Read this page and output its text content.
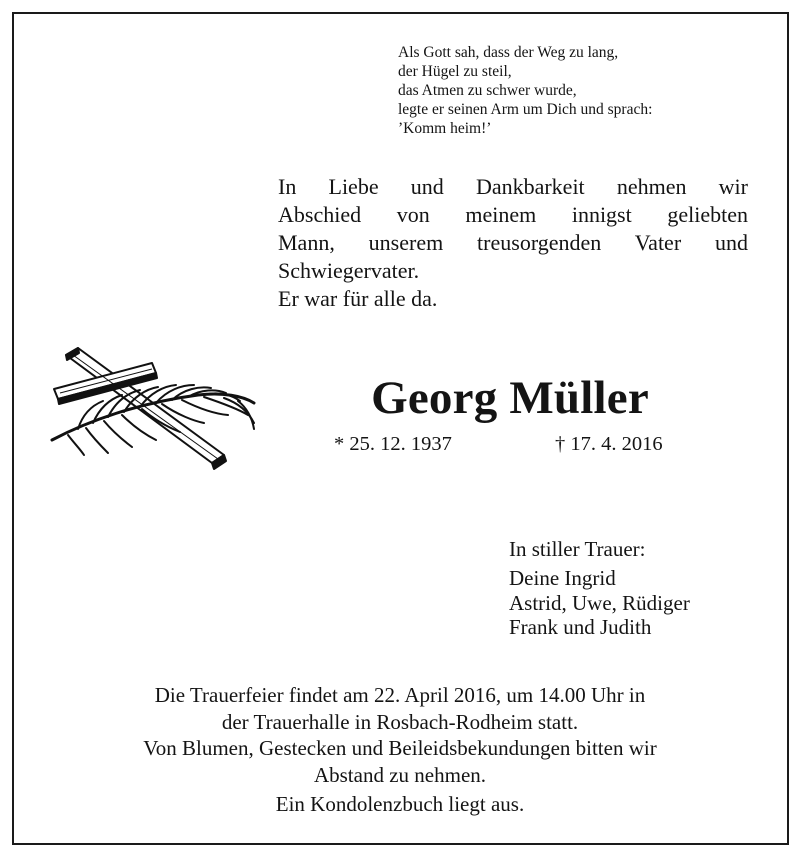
Als Gott sah, dass der Weg zu lang,
der Hügel zu steil,
das Atmen zu schwer wurde,
legte er seinen Arm um Dich und sprach:
’Komm heim!’
In Liebe und Dankbarkeit nehmen wir
Abschied von meinem innigst geliebten
Mann, unserem treusorgenden Vater und
Schwiegervater.
Er war für alle da.
Georg Müller
* 25. 12. 1937	† 17. 4. 2016
In stiller Trauer:
Deine Ingrid
Astrid, Uwe, Rüdiger
Frank und Judith
Die Trauerfeier findet am 22. April 2016, um 14.00 Uhr in
der Trauerhalle in Rosbach-Rodheim statt.
Von Blumen, Gestecken und Beileidsbekundungen bitten wir
Abstand zu nehmen.
Ein Kondolenzbuch liegt aus.
